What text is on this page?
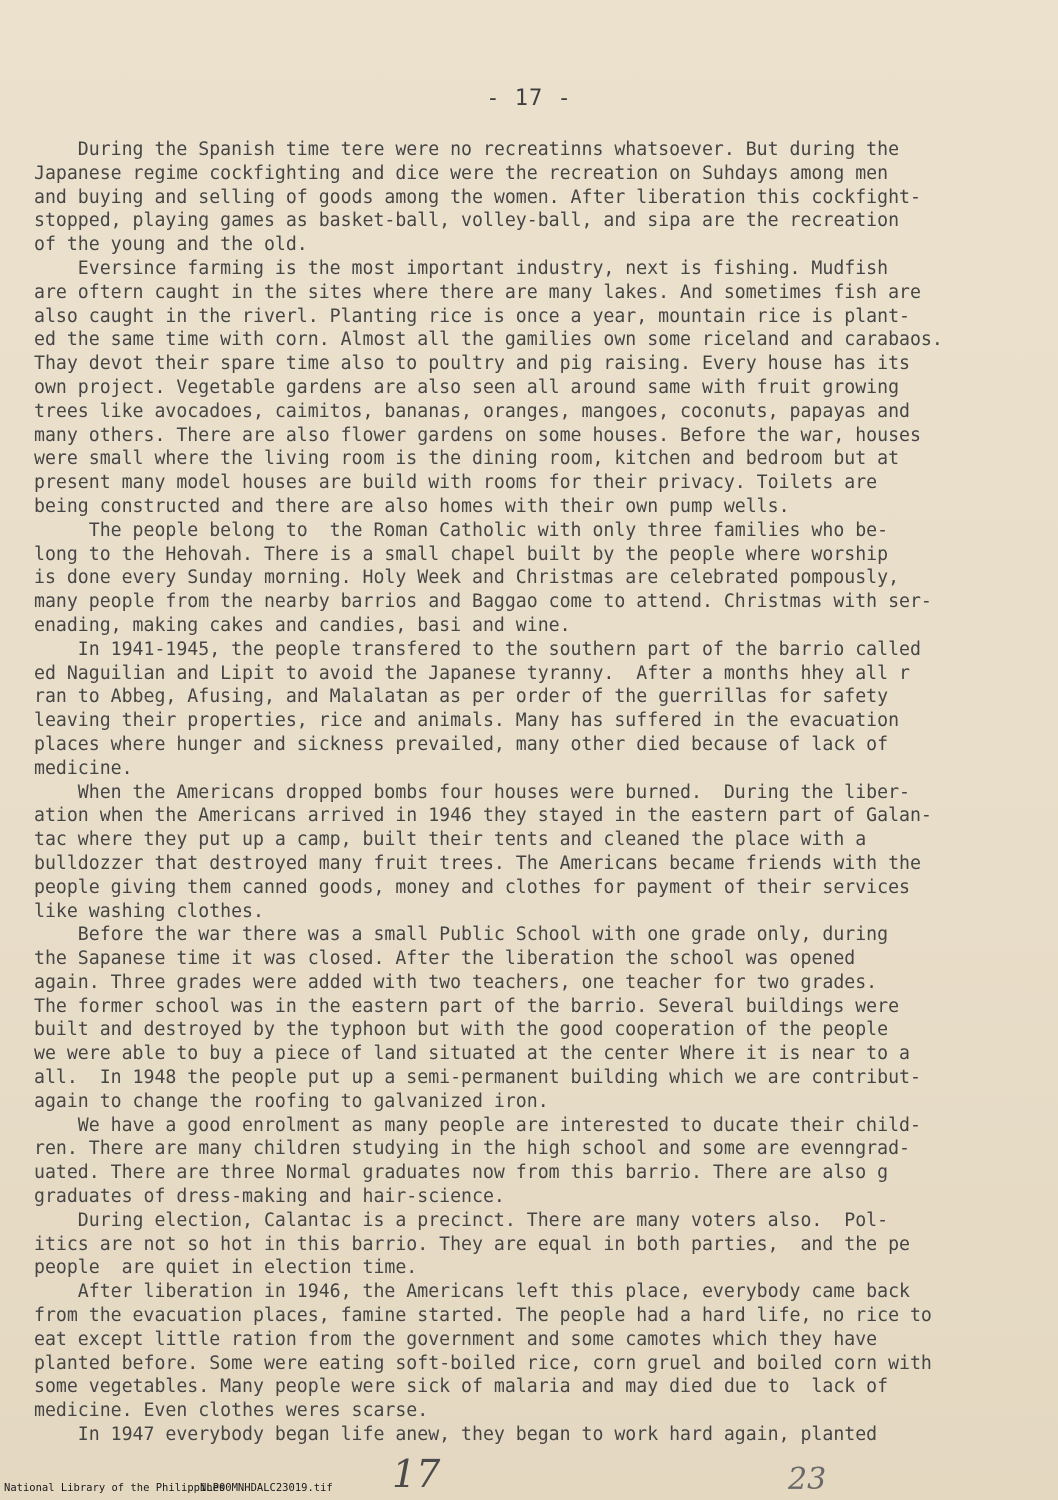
- 17 -
During the Spanish time tere were no recreatinns whatsoever. But during the
Japanese regime cockfighting and dice were the recreation on Suhdays among men
and buying and selling of goods among the women. After liberation this cockfight-
stopped, playing games as basket-ball, volley-ball, and sipa are the recreation
of the young and the old.
Eversince farming is the most important industry, next is fishing. Mudfish
are oftern caught in the sites where there are many lakes. And sometimes fish are
also caught in the riverl. Planting rice is once a year, mountain rice is plant-
ed the same time with corn. Almost all the gamilies own some riceland and carabaos.
Thay devot their spare time also to poultry and pig raising. Every house has its
own project. Vegetable gardens are also seen all around same with fruit growing
trees like avocadoes, caimitos, bananas, oranges, mangoes, coconuts, papayas and
many others. There are also flower gardens on some houses. Before the war, houses
were small where the living room is the dining room, kitchen and bedroom but at
present many model houses are build with rooms for their privacy. Toilets are
being constructed and there are also homes with their own pump wells.
The people belong to  the Roman Catholic with only three families who be-
long to the Hehovah. There is a small chapel built by the people where worship
is done every Sunday morning. Holy Week and Christmas are celebrated pompously,
many people from the nearby barrios and Baggao come to attend. Christmas with ser-
enading, making cakes and candies, basi and wine.
In 1941-1945, the people transfered to the southern part of the barrio called
ed Naguilian and Lipit to avoid the Japanese tyranny.  After a months hhey all r
ran to Abbeg, Afusing, and Malalatan as per order of the guerrillas for safety
leaving their properties, rice and animals. Many has suffered in the evacuation
places where hunger and sickness prevailed, many other died because of lack of
medicine.
When the Americans dropped bombs four houses were burned.  During the liber-
ation when the Americans arrived in 1946 they stayed in the eastern part of Galan-
tac where they put up a camp, built their tents and cleaned the place with a
bulldozzer that destroyed many fruit trees. The Americans became friends with the
people giving them canned goods, money and clothes for payment of their services
like washing clothes.
Before the war there was a small Public School with one grade only, during
the Sapanese time it was closed. After the liberation the school was opened
again. Three grades were added with two teachers, one teacher for two grades.
The former school was in the eastern part of the barrio. Several buildings were
built and destroyed by the typhoon but with the good cooperation of the people
we were able to buy a piece of land situated at the center Where it is near to a
all.  In 1948 the people put up a semi-permanent building which we are contribut-
again to change the roofing to galvanized iron.
We have a good enrolment as many people are interested to ducate their child-
ren. There are many children studying in the high school and some are evenngrad-
uated. There are three Normal graduates now from this barrio. There are also g
graduates of dress-making and hair-science.
During election, Calantac is a precinct. There are many voters also.  Pol-
itics are not so hot in this barrio. They are equal in both parties,  and the pe
people  are quiet in election time.
After liberation in 1946, the Americans left this place, everybody came back
from the evacuation places, famine started. The people had a hard life, no rice to
eat except little ration from the government and some camotes which they have
planted before. Some were eating soft-boiled rice, corn gruel and boiled corn with
some vegetables. Many people were sick of malaria and may died due to  lack of
medicine. Even clothes weres scarse.
In 1947 everybody began life anew, they began to work hard again, planted
17	23
National Library of the Philippines
NLP00MNHDALC23019.tif
